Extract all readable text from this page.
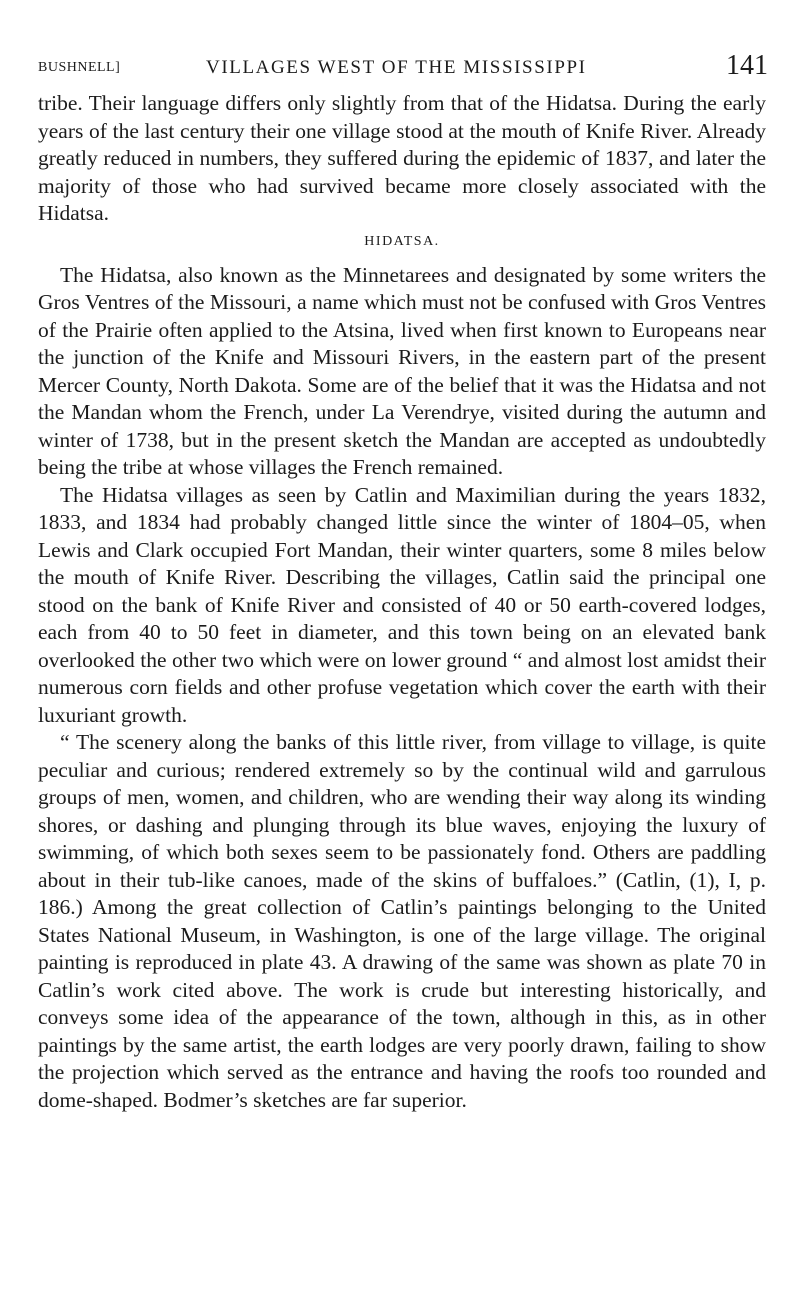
BUSHNELL]	VILLAGES WEST OF THE MISSISSIPPI	141

tribe. Their language differs only slightly from that of the Hidatsa. During the early years of the last century their one village stood at the mouth of Knife River. Already greatly reduced in numbers, they suffered during the epidemic of 1837, and later the majority of those who had survived became more closely associated with the Hidatsa.

HIDATSA.

The Hidatsa, also known as the Minnetarees and designated by some writers the Gros Ventres of the Missouri, a name which must not be confused with Gros Ventres of the Prairie often applied to the Atsina, lived when first known to Europeans near the junction of the Knife and Missouri Rivers, in the eastern part of the present Mercer County, North Dakota. Some are of the belief that it was the Hidatsa and not the Mandan whom the French, under La Verendrye, visited during the autumn and winter of 1738, but in the present sketch the Mandan are accepted as undoubtedly being the tribe at whose villages the French remained.

The Hidatsa villages as seen by Catlin and Maximilian during the years 1832, 1833, and 1834 had probably changed little since the winter of 1804–05, when Lewis and Clark occupied Fort Mandan, their winter quarters, some 8 miles below the mouth of Knife River. Describing the villages, Catlin said the principal one stood on the bank of Knife River and consisted of 40 or 50 earth-covered lodges, each from 40 to 50 feet in diameter, and this town being on an elevated bank overlooked the other two which were on lower ground “ and almost lost amidst their numerous corn fields and other profuse vegetation which cover the earth with their luxuriant growth.

“ The scenery along the banks of this little river, from village to village, is quite peculiar and curious; rendered extremely so by the continual wild and garrulous groups of men, women, and children, who are wending their way along its winding shores, or dashing and plunging through its blue waves, enjoying the luxury of swimming, of which both sexes seem to be passionately fond. Others are paddling about in their tub-like canoes, made of the skins of buffaloes.” (Catlin, (1), I, p. 186.) Among the great collection of Catlin’s paintings belonging to the United States National Museum, in Washington, is one of the large village. The original painting is reproduced in plate 43. A drawing of the same was shown as plate 70 in Catlin’s work cited above. The work is crude but interesting historically, and conveys some idea of the appearance of the town, although in this, as in other paintings by the same artist, the earth lodges are very poorly drawn, failing to show the projection which served as the entrance and having the roofs too rounded and dome-shaped. Bodmer’s sketches are far superior.
